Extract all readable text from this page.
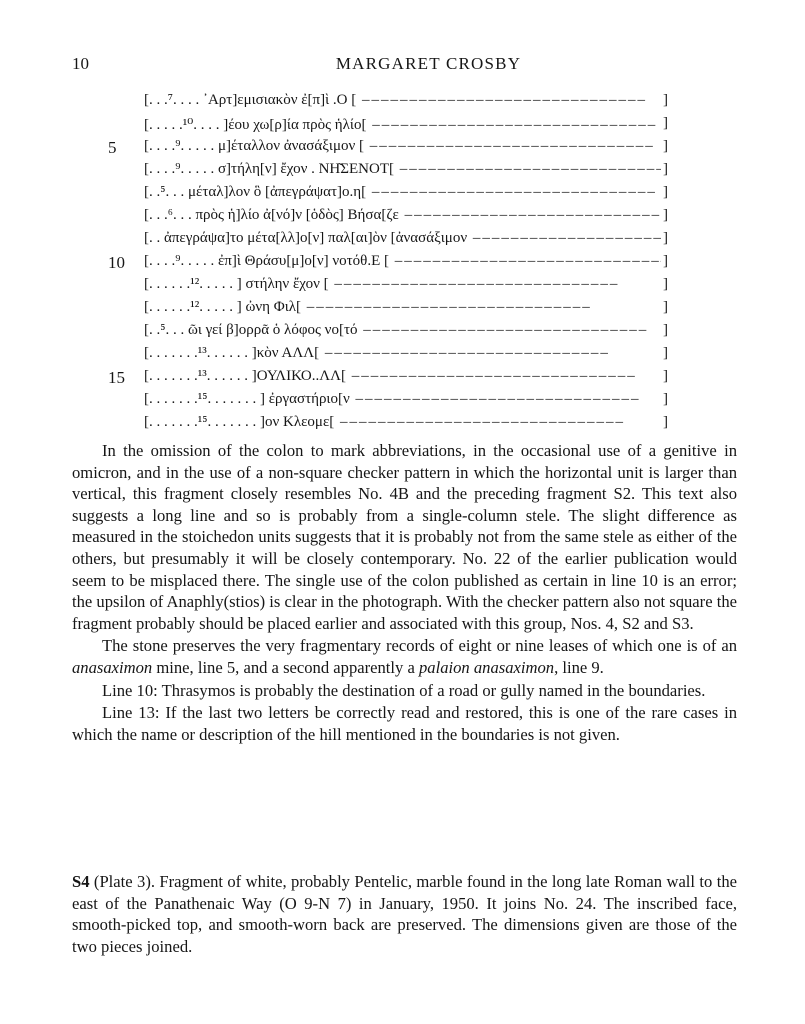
10	MARGARET CROSBY
[. . .⁷. . . . ᾿Αρτ]εμισιακὸν ἐ[π]ὶ .Ο [ –––––	]
[. . . . .¹⁰. . . . ]έου χω[ρ]ία πρὸς ἡλίο[ –––––	]
5 [. . . .⁹. . . . . μ]έταλλον ἀνασάξιμον [ –––––	]
[. . . .⁹. . . . . σ]τήλη[ν] ἔχον . ΝΗ͂ΣΕΝΟΤ[ –––––	]
[. .⁵. . . μέταλ]λον ὃ [ἀπεγράψατ]ο.η[ –––––	]
[. . .⁶. . . πρὸς ἡ]λίο ἀ[νό]ν [ὁδὸς] Βήσα[ζε –––––	]
[. . ἀπεγράψα]το μέτα[λλ]ο[ν] παλ[αι]ὸν [ἀνασάξιμον –––––	]
10 [. . . .⁹. . . . . ἐπ]ὶ Θράσυ[μ]ο[ν] νοτόθ.Ε [ –––––	]
[. . . . . .¹². . . . . ] στήλην ἔχον [ –––––	]
[. . . . . .¹². . . . . ] ὠνη Φιλ[ –––––	]
[. .⁵. . . ῶι γεί β]ορρᾶ ὁ λόφος νο[τό –––––	]
[. . . . . . .¹³. . . . . . ]κὸν ΑΛΛ[ –––––	]
15 [. . . . . . .¹³. . . . . . ]ΟΥΛΙΚΟ..ΛΛ[ –––––	]
[. . . . . . .¹⁵. . . . . . . ] ἐργαστήριο[ν –––––	]
[. . . . . . .¹⁵. . . . . . . ]ον Κλεομε[ –––––	]

In the omission of the colon to mark abbreviations, in the occasional use of a genitive in omicron, and in the use of a non-square checker pattern in which the horizontal unit is larger than vertical, this fragment closely resembles No. 4B and the preceding fragment S2. This text also suggests a long line and so is probably from a single-column stele. The slight difference as measured in the stoichedon units suggests that it is probably not from the same stele as either of the others, but presumably it will be closely contemporary. No. 22 of the earlier publication would seem to be misplaced there. The single use of the colon published as certain in line 10 is an error; the upsilon of Anaphly(stios) is clear in the photograph. With the checker pattern also not square the fragment probably should be placed earlier and associated with this group, Nos. 4, S2 and S3.

The stone preserves the very fragmentary records of eight or nine leases of which one is of an anasaximon mine, line 5, and a second apparently a palaion anasaximon, line 9.

Line 10: Thrasymos is probably the destination of a road or gully named in the boundaries.

Line 13: If the last two letters be correctly read and restored, this is one of the rare cases in which the name or description of the hill mentioned in the boundaries is not given.

S4 (Plate 3). Fragment of white, probably Pentelic, marble found in the long late Roman wall to the east of the Panathenaic Way (O 9-N 7) in January, 1950. It joins No. 24. The inscribed face, smooth-picked top, and smooth-worn back are preserved. The dimensions given are those of the two pieces joined.
